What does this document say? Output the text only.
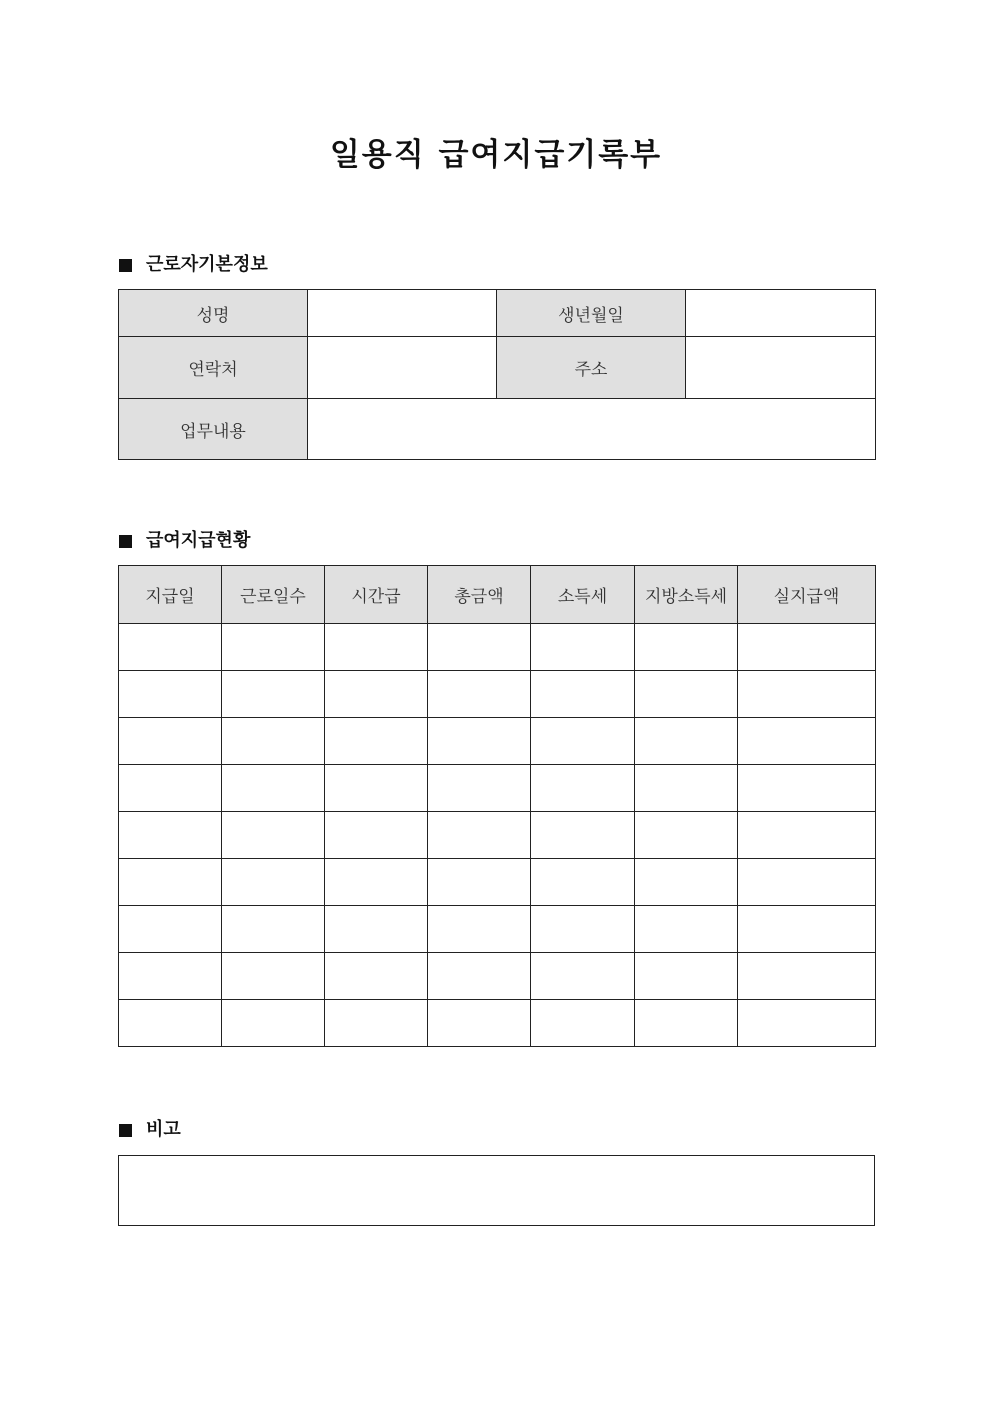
일용직 급여지급기록부
근로자기본정보
성명		생년월일	
연락처		주소	
업무내용			
급여지급현황
지급일	근로일수	시간급	총금액	소득세	지방소득세	실지급액

비고
